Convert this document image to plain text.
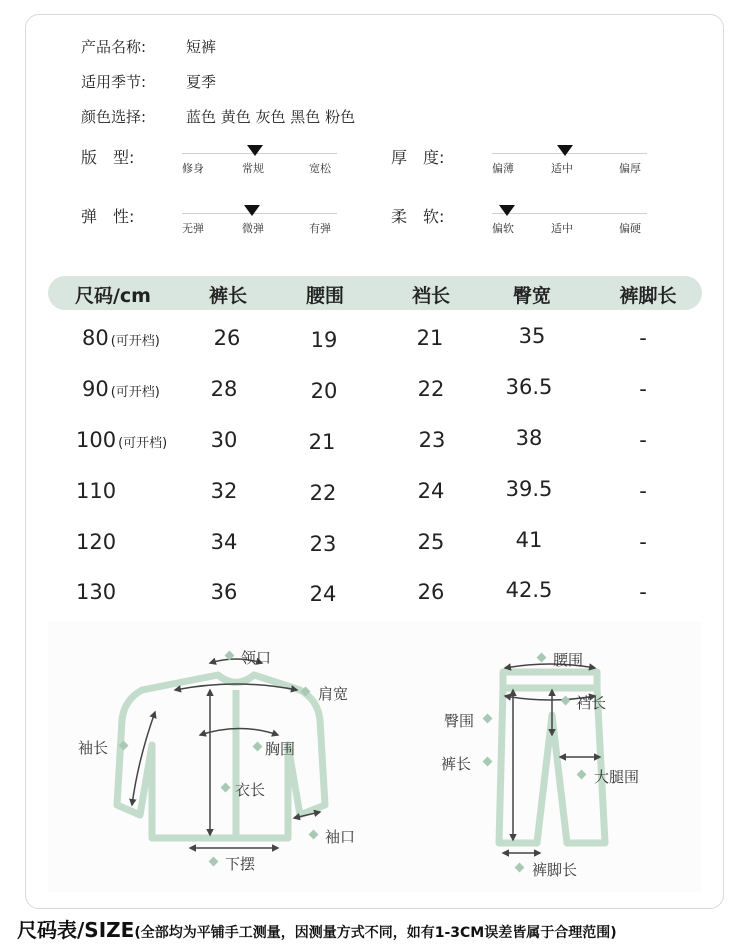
产品名称:	短裤
适用季节:	夏季
颜色选择:	蓝色 黄色 灰色 黑色 粉色
版　型:
修身	常规	宽松
厚　度:
偏薄	适中	偏厚
弹　性:
无弹	微弹	有弹
柔　软:
偏软	适中	偏硬
尺码/cm	裤长	腰围	裆长	臀宽	裤脚长
80 (可开档)	26	19	21	35	-
90 (可开档)	28	20	22	36.5	-
100 (可开档)	30	21	23	38	-
110	32	22	24	39.5	-
120	34	23	25	41	-
130	36	24	26	42.5	-
领口
肩宽
袖长	胸围
衣长
袖口
下摆
腰围
裆长
臀围
裤长
大腿围
裤脚长
尺码表/SIZE(全部均为平铺手工测量，因测量方式不同，如有1-3CM误差皆属于合理范围)
